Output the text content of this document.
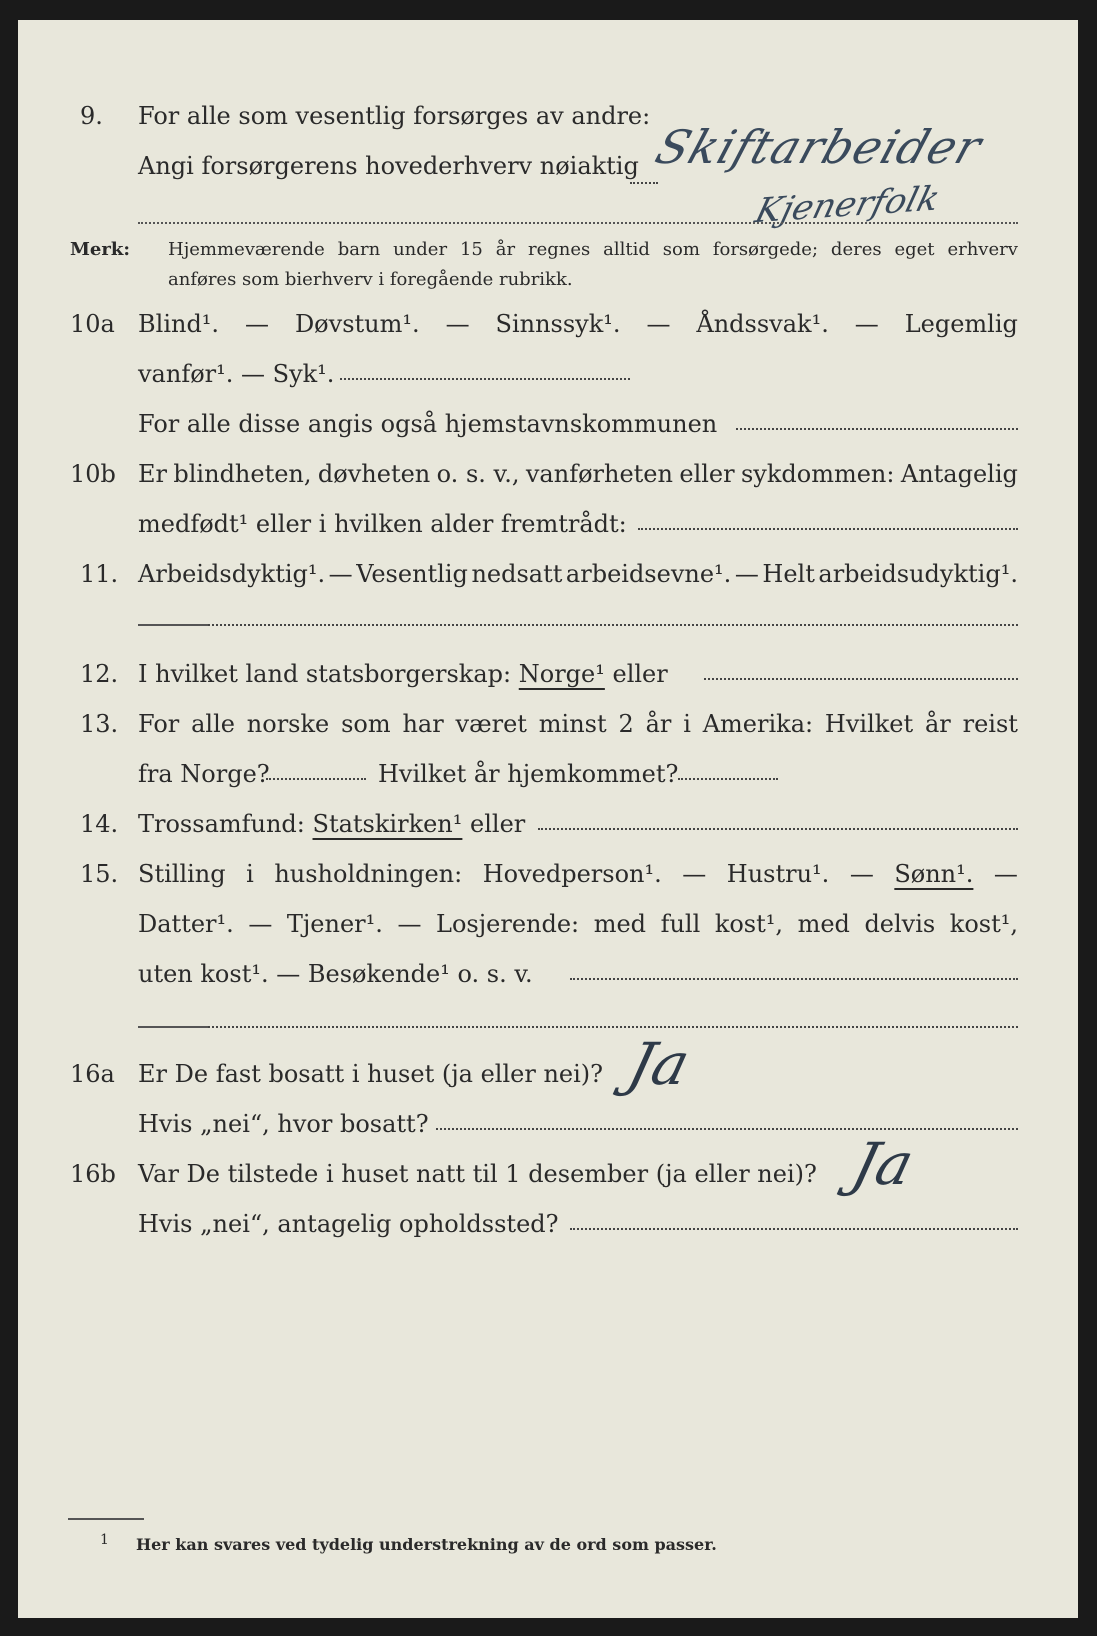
9. For alle som vesentlig forsørges av andre:
Angi forsørgerens hovederhverv nøiaktig Skiftarbeider
Kjenerfolk
Merk: Hjemmeværende barn under 15 år regnes alltid som forsørgede; deres eget erhverv
anføres som bierhverv i foregående rubrikk.
10a Blind¹. — Døvstum¹. — Sinnssyk¹. — Åndssvak¹. — Legemlig
vanfør¹. — Syk¹.
For alle disse angis også hjemstavnskommunen
10b Er blindheten, døvheten o. s. v., vanførheten eller sykdommen: Antagelig
medfødt¹ eller i hvilken alder fremtrådt:
11. Arbeidsdyktig¹. — Vesentlig nedsatt arbeidsevne¹. — Helt arbeidsudyktig¹.
12. I hvilket land statsborgerskap: Norge¹ eller
13. For alle norske som har været minst 2 år i Amerika: Hvilket år reist
fra Norge?	Hvilket år hjemkommet?
14. Trossamfund: Statskirken¹ eller
15. Stilling i husholdningen: Hovedperson¹. — Hustru¹. — Sønn¹. —
Datter¹. — Tjener¹. — Losjerende: med full kost¹, med delvis kost¹,
uten kost¹. — Besøkende¹ o. s. v.
16a Er De fast bosatt i huset (ja eller nei)? Ja
Hvis „nei“, hvor bosatt?
16b Var De tilstede i huset natt til 1 desember (ja eller nei)? Ja
Hvis „nei“, antagelig opholdssted?
1 Her kan svares ved tydelig understrekning av de ord som passer.
